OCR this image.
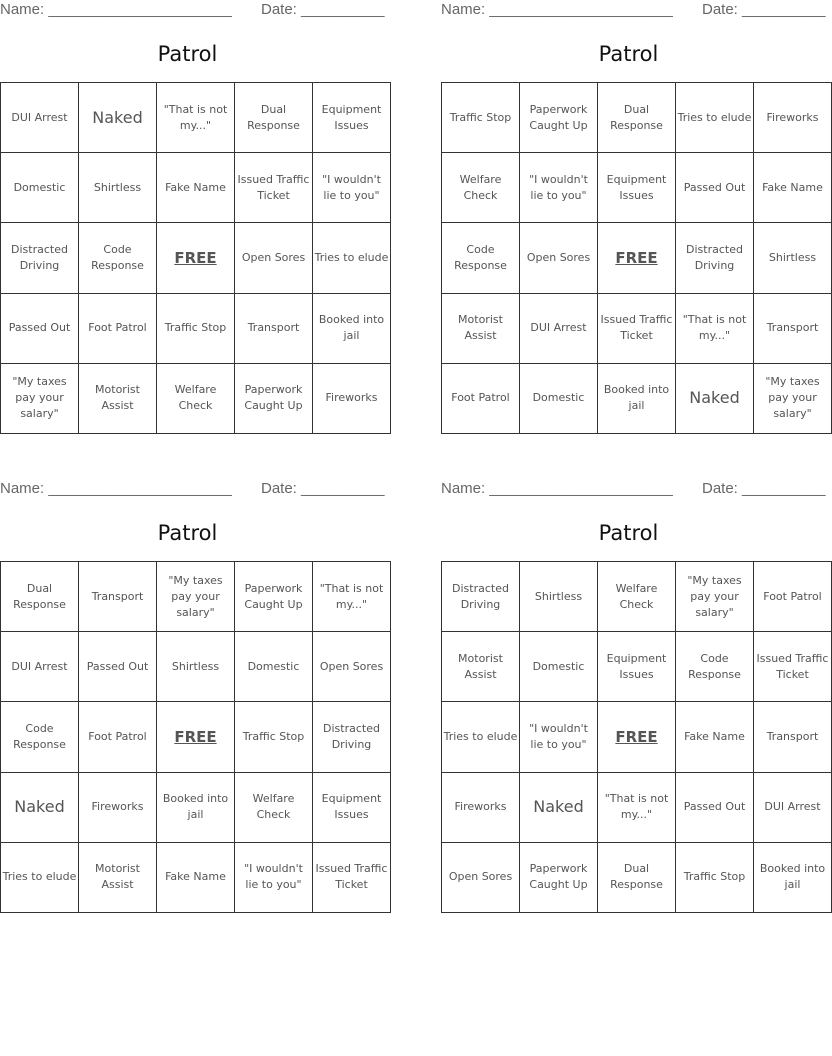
Name: ______________________ Date: __________
Patrol
DUI Arrest	Naked	"That is not my..."	Dual Response	Equipment Issues
Domestic	Shirtless	Fake Name	Issued Traffic Ticket	"I wouldn't lie to you"
Distracted Driving	Code Response	FREE	Open Sores	Tries to elude
Passed Out	Foot Patrol	Traffic Stop	Transport	Booked into jail
"My taxes pay your salary"	Motorist Assist	Welfare Check	Paperwork Caught Up	Fireworks
Name: ______________________ Date: __________
Patrol
Traffic Stop	Paperwork Caught Up	Dual Response	Tries to elude	Fireworks
Welfare Check	"I wouldn't lie to you"	Equipment Issues	Passed Out	Fake Name
Code Response	Open Sores	FREE	Distracted Driving	Shirtless
Motorist Assist	DUI Arrest	Issued Traffic Ticket	"That is not my..."	Transport
Foot Patrol	Domestic	Booked into jail	Naked	"My taxes pay your salary"
Name: ______________________ Date: __________
Patrol
Dual Response	Transport	"My taxes pay your salary"	Paperwork Caught Up	"That is not my..."
DUI Arrest	Passed Out	Shirtless	Domestic	Open Sores
Code Response	Foot Patrol	FREE	Traffic Stop	Distracted Driving
Naked	Fireworks	Booked into jail	Welfare Check	Equipment Issues
Tries to elude	Motorist Assist	Fake Name	"I wouldn't lie to you"	Issued Traffic Ticket
Name: ______________________ Date: __________
Patrol
Distracted Driving	Shirtless	Welfare Check	"My taxes pay your salary"	Foot Patrol
Motorist Assist	Domestic	Equipment Issues	Code Response	Issued Traffic Ticket
Tries to elude	"I wouldn't lie to you"	FREE	Fake Name	Transport
Fireworks	Naked	"That is not my..."	Passed Out	DUI Arrest
Open Sores	Paperwork Caught Up	Dual Response	Traffic Stop	Booked into jail
